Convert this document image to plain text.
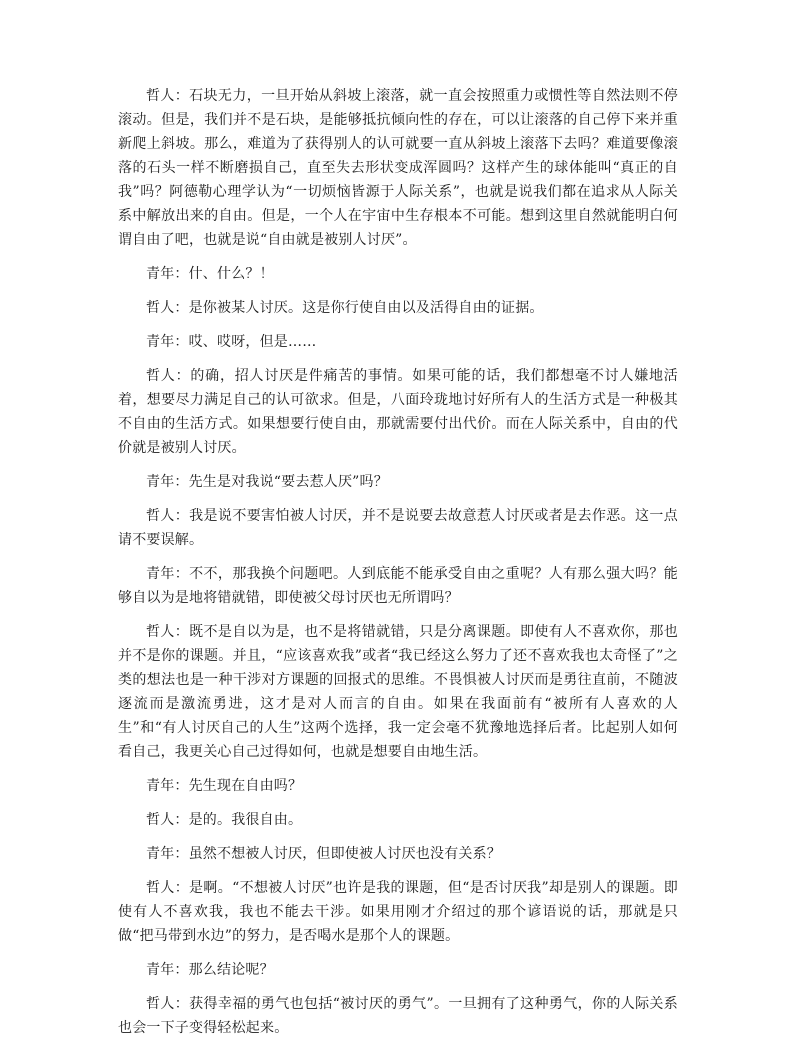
哲人：石块无力，一旦开始从斜坡上滚落，就一直会按照重力或惯性等自然法则不停滚动。但是，我们并不是石块，是能够抵抗倾向性的存在，可以让滚落的自己停下来并重新爬上斜坡。那么，难道为了获得别人的认可就要一直从斜坡上滚落下去吗？难道要像滚落的石头一样不断磨损自己，直至失去形状变成浑圆吗？这样产生的球体能叫“真正的自我”吗？阿德勒心理学认为“一切烦恼皆源于人际关系”，也就是说我们都在追求从人际关系中解放出来的自由。但是，一个人在宇宙中生存根本不可能。想到这里自然就能明白何谓自由了吧，也就是说“自由就是被别人讨厌”。

青年：什、什么？！

哲人：是你被某人讨厌。这是你行使自由以及活得自由的证据。

青年：哎、哎呀，但是……

哲人：的确，招人讨厌是件痛苦的事情。如果可能的话，我们都想毫不讨人嫌地活着，想要尽力满足自己的认可欲求。但是，八面玲珑地讨好所有人的生活方式是一种极其不自由的生活方式。如果想要行使自由，那就需要付出代价。而在人际关系中，自由的代价就是被别人讨厌。

青年：先生是对我说“要去惹人厌”吗？

哲人：我是说不要害怕被人讨厌，并不是说要去故意惹人讨厌或者是去作恶。这一点请不要误解。

青年：不不，那我换个问题吧。人到底能不能承受自由之重呢？人有那么强大吗？能够自以为是地将错就错，即使被父母讨厌也无所谓吗？

哲人：既不是自以为是，也不是将错就错，只是分离课题。即使有人不喜欢你，那也并不是你的课题。并且，“应该喜欢我”或者“我已经这么努力了还不喜欢我也太奇怪了”之类的想法也是一种干涉对方课题的回报式的思维。不畏惧被人讨厌而是勇往直前，不随波逐流而是激流勇进，这才是对人而言的自由。如果在我面前有“被所有人喜欢的人生”和“有人讨厌自己的人生”这两个选择，我一定会毫不犹豫地选择后者。比起别人如何看自己，我更关心自己过得如何，也就是想要自由地生活。

青年：先生现在自由吗？

哲人：是的。我很自由。

青年：虽然不想被人讨厌，但即使被人讨厌也没有关系？

哲人：是啊。“不想被人讨厌”也许是我的课题，但“是否讨厌我”却是别人的课题。即使有人不喜欢我，我也不能去干涉。如果用刚才介绍过的那个谚语说的话，那就是只做“把马带到水边”的努力，是否喝水是那个人的课题。

青年：那么结论呢？

哲人：获得幸福的勇气也包括“被讨厌的勇气”。一旦拥有了这种勇气，你的人际关系也会一下子变得轻松起来。
